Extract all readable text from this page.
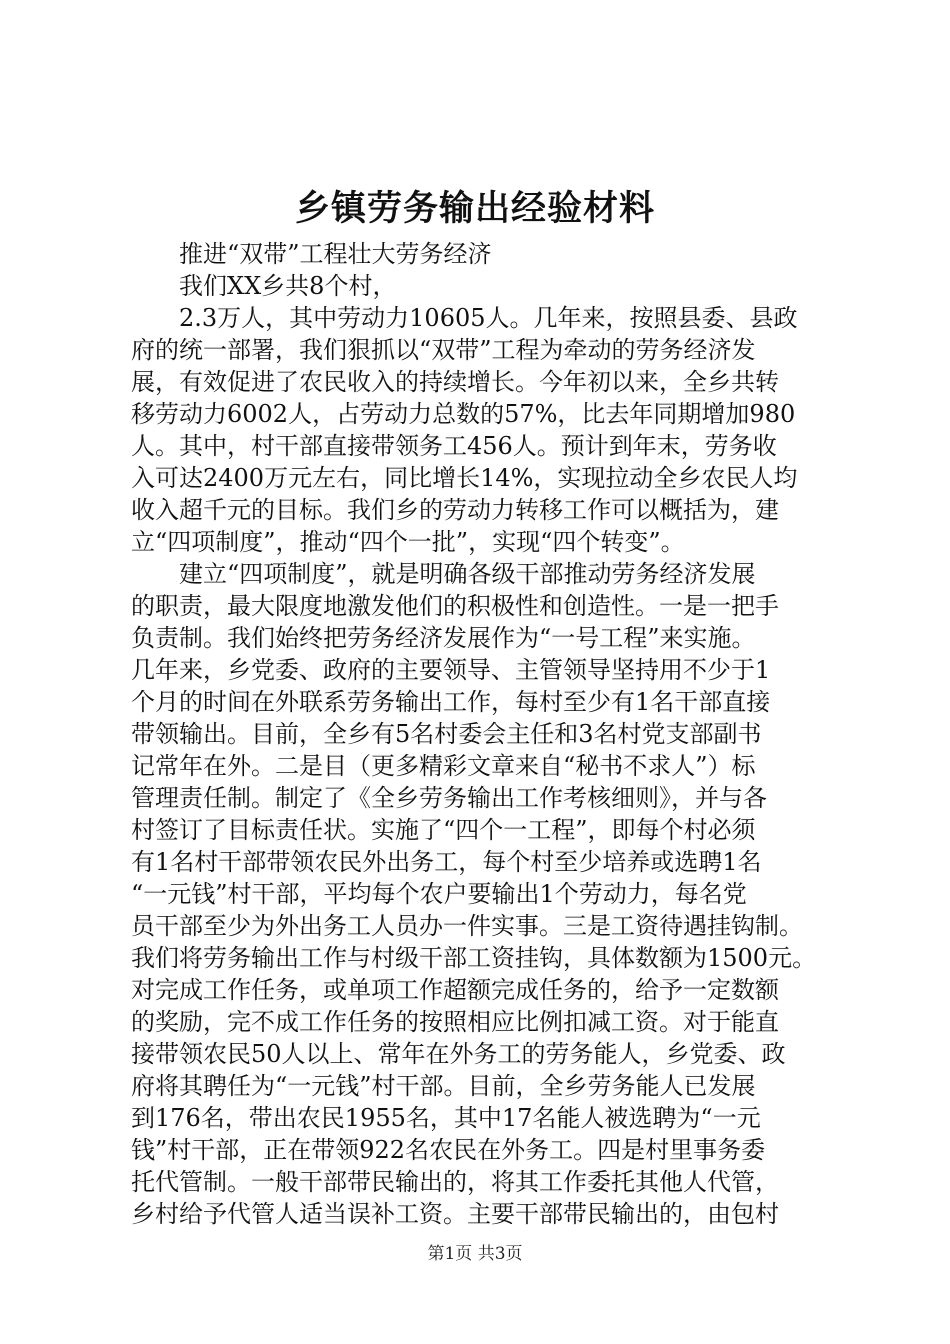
乡镇劳务输出经验材料
推进“双带”工程壮大劳务经济
我们XX乡共8个村，
2.3万人，其中劳动力10605人。几年来，按照县委、县政
府的统一部署，我们狠抓以“双带”工程为牵动的劳务经济发
展，有效促进了农民收入的持续增长。今年初以来，全乡共转
移劳动力6002人，占劳动力总数的57%，比去年同期增加980
人。其中，村干部直接带领务工456人。预计到年末，劳务收
入可达2400万元左右，同比增长14%，实现拉动全乡农民人均
收入超千元的目标。我们乡的劳动力转移工作可以概括为，建
立“四项制度”，推动“四个一批”，实现“四个转变”。
建立“四项制度”，就是明确各级干部推动劳务经济发展
的职责，最大限度地激发他们的积极性和创造性。一是一把手
负责制。我们始终把劳务经济发展作为“一号工程”来实施。
几年来，乡党委、政府的主要领导、主管领导坚持用不少于1
个月的时间在外联系劳务输出工作，每村至少有1名干部直接
带领输出。目前，全乡有5名村委会主任和3名村党支部副书
记常年在外。二是目（更多精彩文章来自“秘书不求人”）标
管理责任制。制定了《全乡劳务输出工作考核细则》，并与各
村签订了目标责任状。实施了“四个一工程”，即每个村必须
有1名村干部带领农民外出务工，每个村至少培养或选聘1名
“一元钱”村干部，平均每个农户要输出1个劳动力，每名党
员干部至少为外出务工人员办一件实事。三是工资待遇挂钩制。
我们将劳务输出工作与村级干部工资挂钩，具体数额为1500元。
对完成工作任务，或单项工作超额完成任务的，给予一定数额
的奖励，完不成工作任务的按照相应比例扣减工资。对于能直
接带领农民50人以上、常年在外务工的劳务能人，乡党委、政
府将其聘任为“一元钱”村干部。目前，全乡劳务能人已发展
到176名，带出农民1955名，其中17名能人被选聘为“一元
钱”村干部，正在带领922名农民在外务工。四是村里事务委
托代管制。一般干部带民输出的，将其工作委托其他人代管，
乡村给予代管人适当误补工资。主要干部带民输出的，由包村
第1页 共3页
